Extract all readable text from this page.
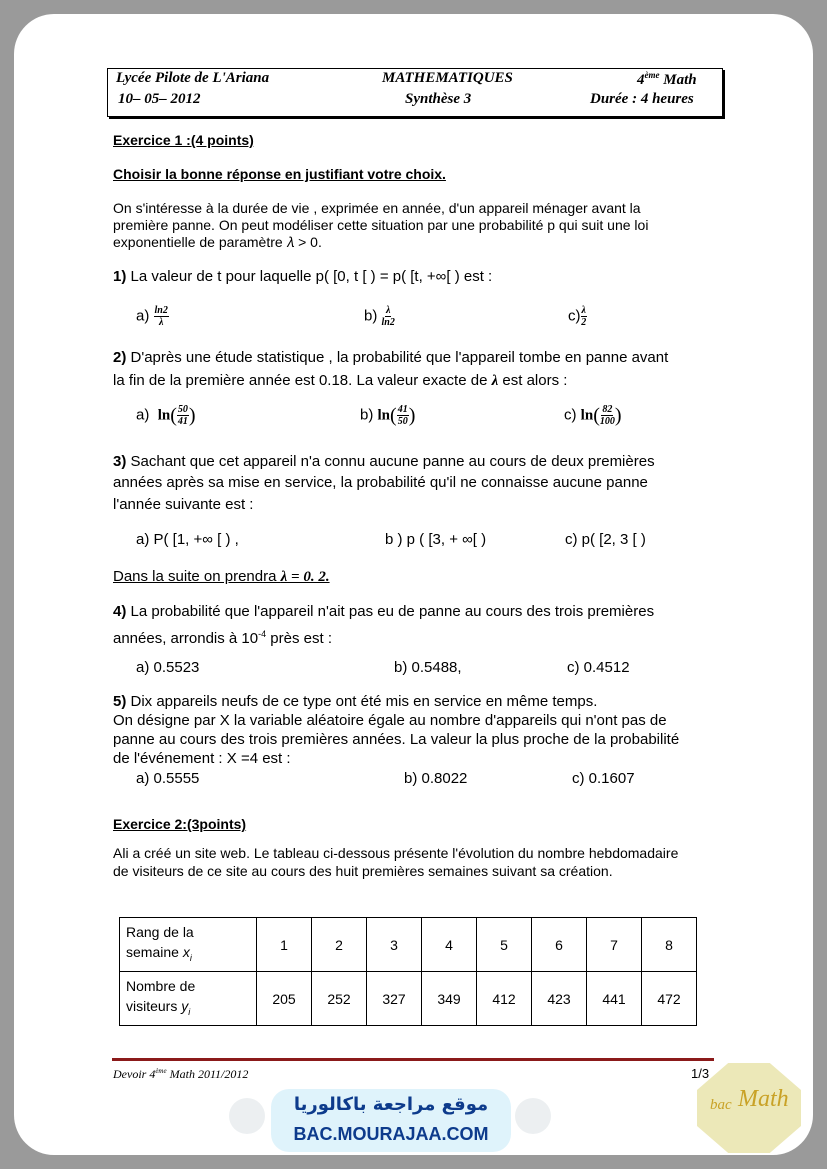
Lycée Pilote de L'Ariana
10– 05– 2012
MATHEMATIQUES
Synthèse 3
4ème Math
Durée : 4 heures
Exercice 1 :(4 points)
Choisir la bonne réponse en justifiant votre choix.
On s'intéresse à la durée de vie , exprimée en année, d'un appareil ménager avant la
première panne. On peut modéliser cette situation par une probabilité p qui suit une loi
exponentielle de paramètre 𝜆 > 0.
1) La valeur de t pour laquelle p( [0, t [ ) = p( [t, +∞[ ) est :
$a) \frac{\ln 2}{\lambda}$	$b) \frac{\lambda}{\ln 2}$	$c) \frac{\lambda}{2}$
2) D'après une étude statistique , la probabilité que l'appareil tombe en panne avant
la fin de la première année est 0.18. La valeur exacte de λ est alors :
a) $\ln( \frac{50}{41}$ )	b) $\ln( \frac{41}{50}$ )	c) $\ln( \frac{82}{100}$ )
3) Sachant que cet appareil n'a connu aucune panne au cours de deux premières
années après sa mise en service, la probabilité qu'il ne connaisse aucune panne
l'année suivante est :
a) P( [1, +∞ [ ) ,	b ) p ( [3, + ∞[ )	c) p( [2, 3 [ )
Dans la suite on prendra λ = 0. 2.
4) La probabilité que l'appareil n'ait pas eu de panne au cours des trois premières
années, arrondis à $10^{-4}$ près est :
a) 0.5523	b) 0.5488,	c) 0.4512
5) Dix appareils neufs de ce type ont été mis en service en même temps.
On désigne par X la variable aléatoire égale au nombre d'appareils qui n'ont pas de
panne au cours des trois premières années. La valeur la plus proche de la probabilité
de l'événement : X =4 est :
a) 0.5555	b) 0.8022	c) 0.1607
Exercice 2:(3points)
Ali a créé un site web. Le tableau ci-dessous présente l'évolution du nombre hebdomadaire
de visiteurs de ce site au cours des huit premières semaines suivant sa création.
Rang de la
semaine $x_i$	1	2	3	4	5	6	7	8
Nombre de
visiteurs $y_i$	205	252	327	349	412	423	441	472
Devoir 4ème Math 2011/2012	1/3
موقع مراجعة باكالوريا
BAC.MOURAJAA.COM
bac Math
